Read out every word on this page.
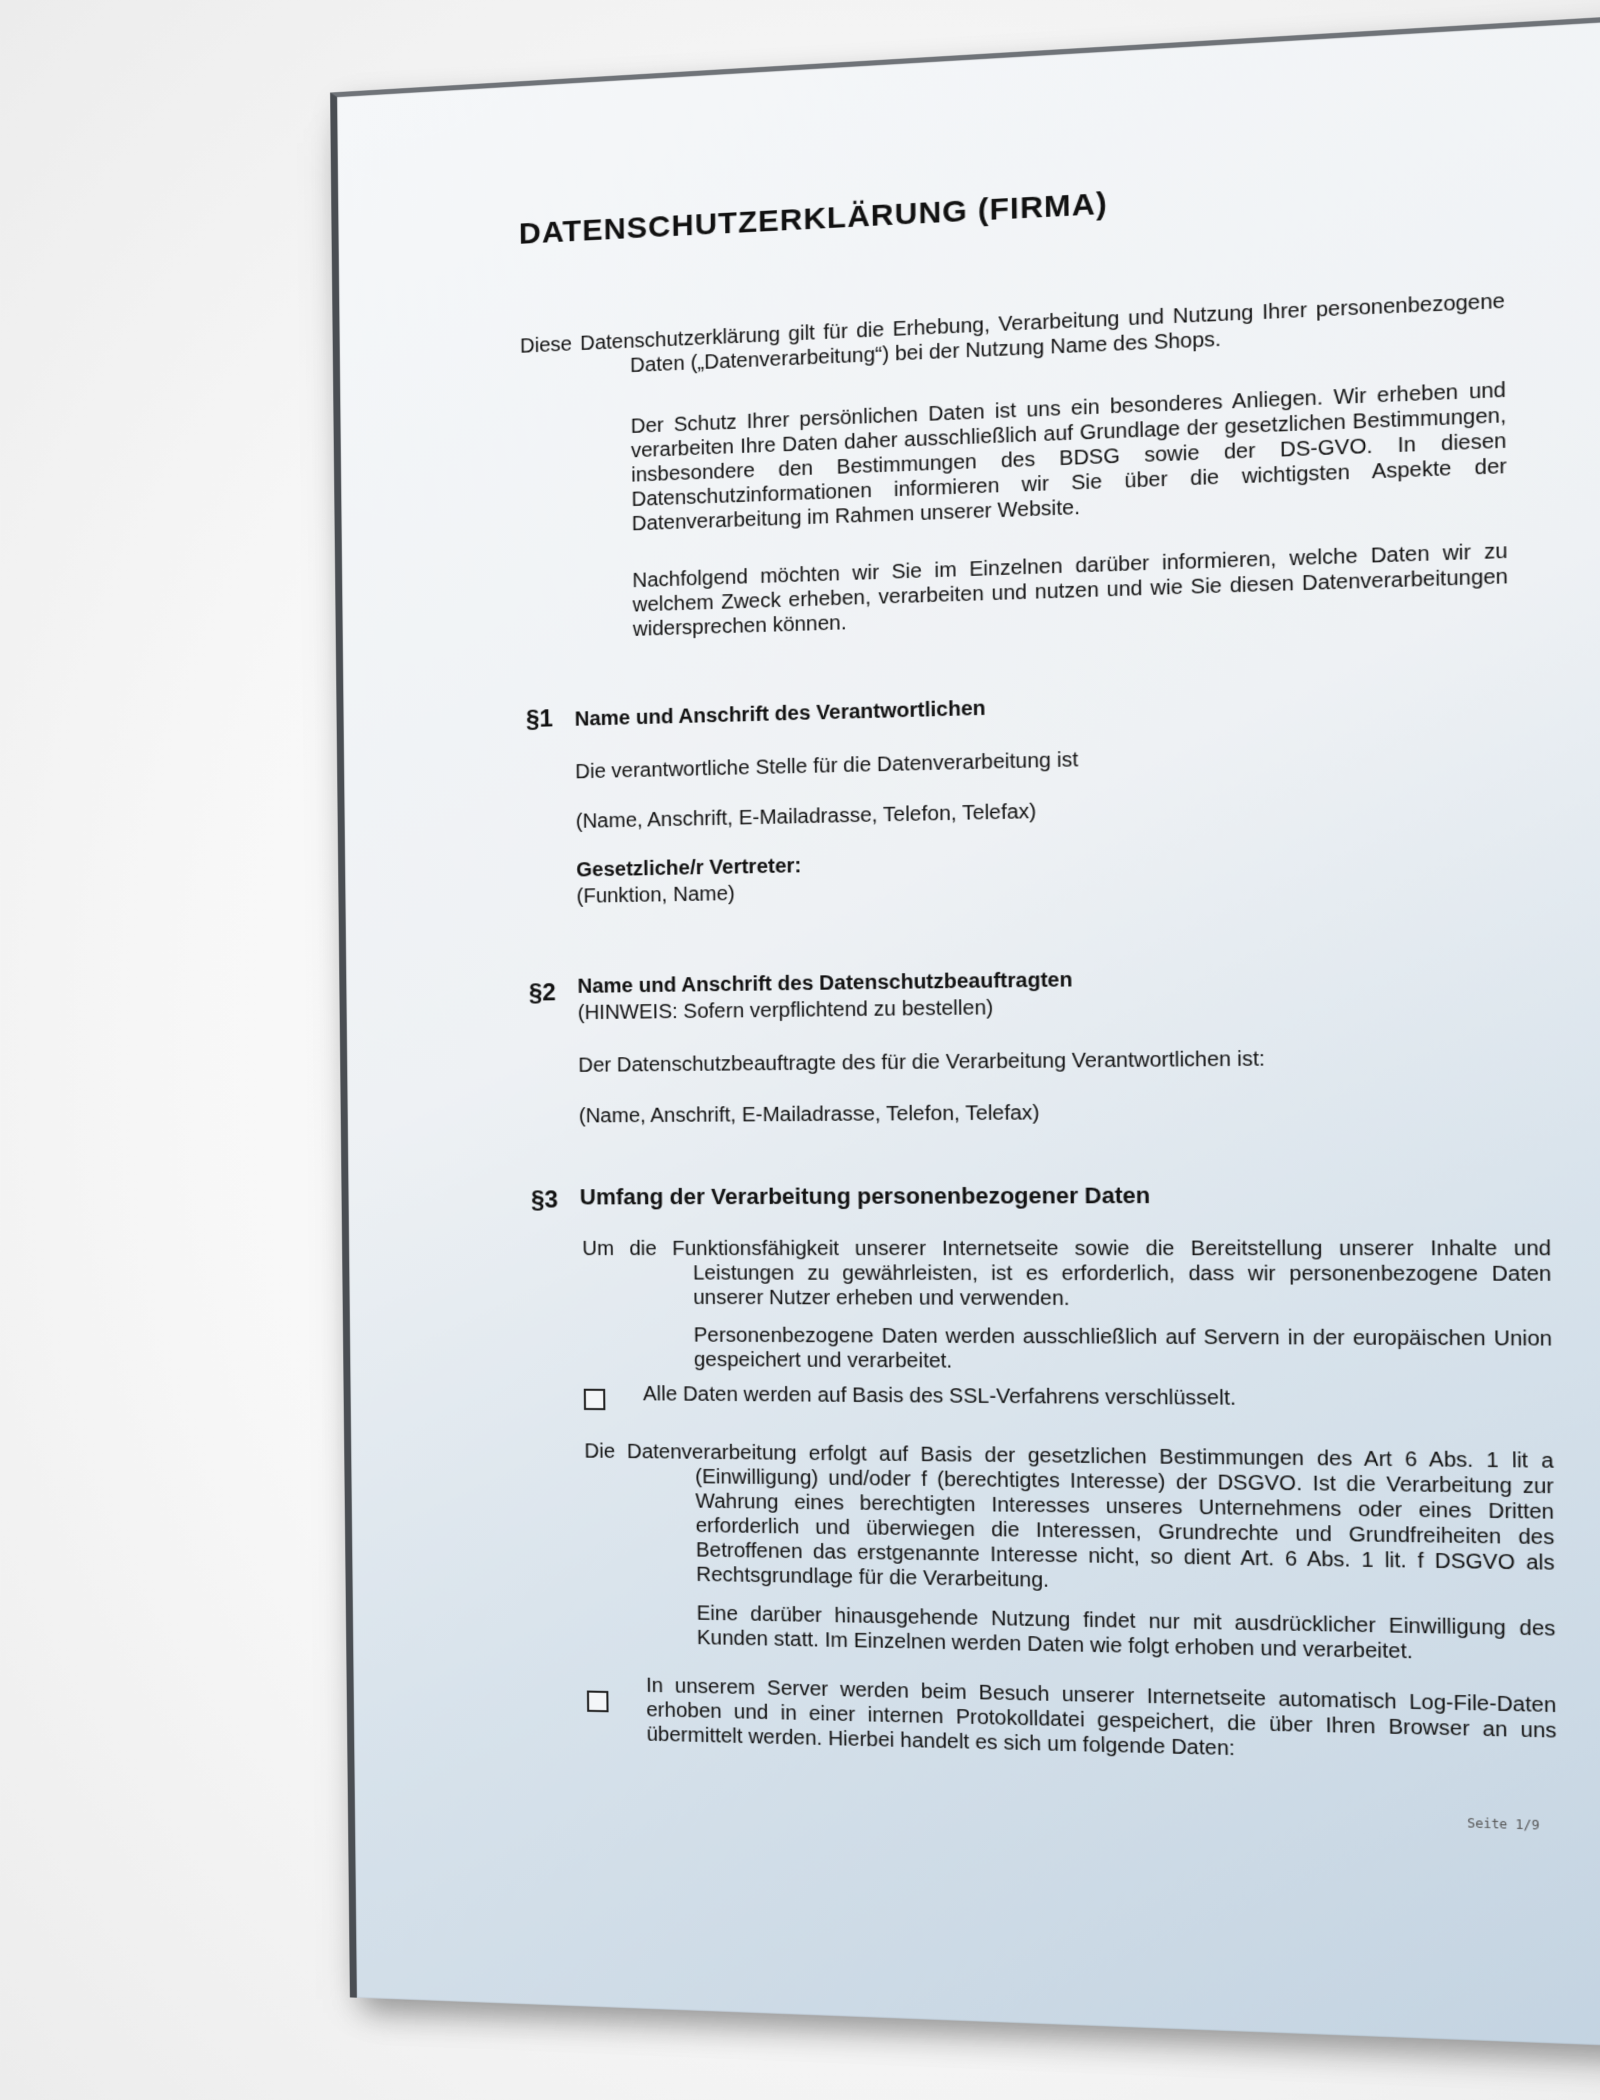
DATENSCHUTZERKLÄRUNG (FIRMA)
Diese Datenschutzerklärung gilt für die Erhebung, Verarbeitung und Nutzung Ihrer personenbezogene Daten („Datenverarbeitung“) bei der Nutzung Name des Shops.
Der Schutz Ihrer persönlichen Daten ist uns ein besonderes Anliegen. Wir erheben und verarbeiten Ihre Daten daher ausschließlich auf Grundlage der gesetzlichen Bestimmungen, insbesondere den Bestimmungen des BDSG sowie der DS-GVO. In diesen Datenschutzinformationen informieren wir Sie über die wichtigsten Aspekte der Datenverarbeitung im Rahmen unserer Website.
Nachfolgend möchten wir Sie im Einzelnen darüber informieren, welche Daten wir zu welchem Zweck erheben, verarbeiten und nutzen und wie Sie diesen Datenverarbeitungen widersprechen können.
§1 Name und Anschrift des Verantwortlichen
Die verantwortliche Stelle für die Datenverarbeitung ist
(Name, Anschrift, E-Mailadrasse, Telefon, Telefax)
Gesetzliche/r Vertreter:
(Funktion, Name)
§2 Name und Anschrift des Datenschutzbeauftragten
(HINWEIS: Sofern verpflichtend zu bestellen)
Der Datenschutzbeauftragte des für die Verarbeitung Verantwortlichen ist:
(Name, Anschrift, E-Mailadrasse, Telefon, Telefax)
§3 Umfang der Verarbeitung personenbezogener Daten
Um die Funktionsfähigkeit unserer Internetseite sowie die Bereitstellung unserer Inhalte und Leistungen zu gewährleisten, ist es erforderlich, dass wir personenbezogene Daten unserer Nutzer erheben und verwenden.
Personenbezogene Daten werden ausschließlich auf Servern in der europäischen Union gespeichert und verarbeitet.
Alle Daten werden auf Basis des SSL-Verfahrens verschlüsselt.
Die Datenverarbeitung erfolgt auf Basis der gesetzlichen Bestimmungen des Art 6 Abs. 1 lit a (Einwilligung) und/oder f (berechtigtes Interesse) der DSGVO. Ist die Verarbeitung zur Wahrung eines berechtigten Interesses unseres Unternehmens oder eines Dritten erforderlich und überwiegen die Interessen, Grundrechte und Grundfreiheiten des Betroffenen das erstgenannte Interesse nicht, so dient Art. 6 Abs. 1 lit. f DSGVO als Rechtsgrundlage für die Verarbeitung.
Eine darüber hinausgehende Nutzung findet nur mit ausdrücklicher Einwilligung des Kunden statt. Im Einzelnen werden Daten wie folgt erhoben und verarbeitet.
In unserem Server werden beim Besuch unserer Internetseite automatisch Log-File-Daten erhoben und in einer internen Protokolldatei gespeichert, die über Ihren Browser an uns übermittelt werden. Hierbei handelt es sich um folgende Daten:
Seite 1/9
